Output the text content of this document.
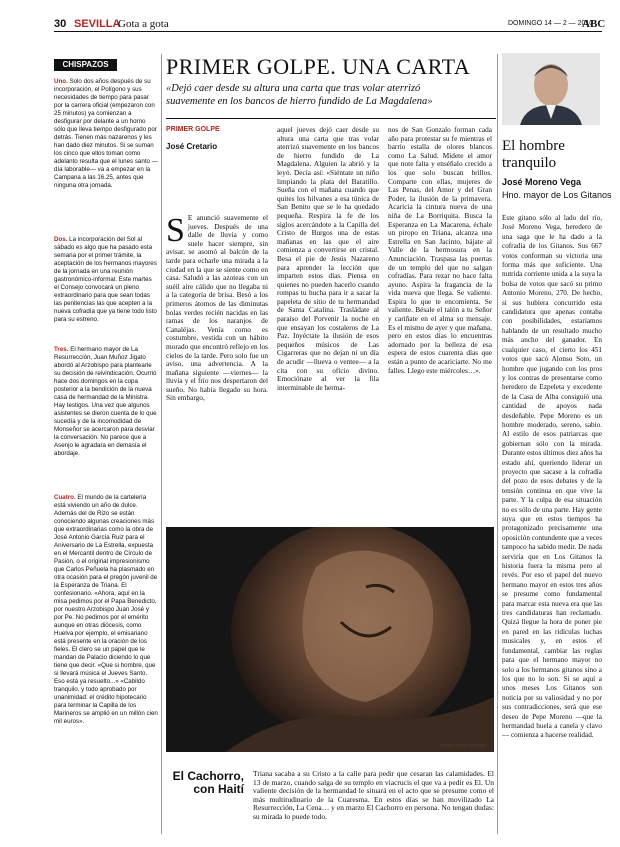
30 SEVILLA
Gota a gota	DOMINGO 14 — 2 — 2010
ABC
CHISPAZOS
Uno. Solo dos años después de su incorporación, el Polígono y sus necesidades de tiempo para pasar por la carrera oficial (empezaron con 25 minutos) ya comienzan a desfigurar por delante a un horno sólo que lleva tiempo desfigurado por detrás. Tienen más nazarenos y les han dado diez minutos. Si se suman los cinco que ellos toman como adelanto resulta que el lunes santo —día laborable— va a empezar en la Campana a las 16.25, antes que ninguna otra jornada.
Dos. La incorporación del Sol al sábado es algo que ha pasado esta semana por el primer trámite, la aceptación de los hermanos mayores de la jornada en una reunión gastronómico-informal. Este martes el Consejo convocará un pleno extraordinario para que sean todas las penitencias las que acepten a la nueva cofradía que ya tiene todo listo para su estreno.
Tres. El hermano mayor de La Resurrección, Juan Muñoz Jigato abordó al Arzobispo para plantearle su decisión de reivindicación. Ocurrió hace dos domingos en la copa posterior a la bendición de la nueva casa de hermandad de la Ministra. Hay testigos. Una vez que algunos asistentes se dieron cuenta de lo que sucedía y de la incomodidad de Monseñor se acercaron para desviar la conversación. No parece que a Asenjo le agradara en demasía el abordaje.
Cuatro. El mundo de la cartelería está viviendo un año de dulce. Además del de Rizo se están conociendo algunas creaciones más que extraordinarias como la obra de José Antonio García Ruiz para el Aniversario de La Estrella, expuesta en el Mercantil dentro de Círculo de Pasión, o el original impresionismo que Carlos Peñuela ha plasmado en otra ocasión para el pregón juvenil de la Esperanza de Triana. El confesionario. «Ahora, aquí en la misa pedimos por el Papa Benedicto, por nuestro Arzobispo Juan José y por Pe. No pedimos por el emérito aunque en otras diócesis, como Huelva por ejemplo, el emisariano está presente en la oración de los fieles. El clero se un papel que le mandan de Palacio diciendo lo que tiene que decir. «Que si hombre, que si llevará música el Jueves Santo. Eso está ya resuelto...» «Cabildo tranquilo, y todo aprobado por unanimidad: el crédito hipotecario para terminar la Capilla de los Marineros se amplió en un millón cien mil euros».
PRIMER GOLPE. UNA CARTA
«Dejó caer desde su altura una carta que tras volar aterrizó suavemente en los bancos de hierro fundido de La Magdalena»
PRIMER GOLPE
José Cretario
S E anunció suavemente el jueves. Después de una dalle de lluvia y como suele hacer siempre, sin avisar, se asomó al balcón de la tarde para echarle una mirada a la ciudad en la que se siente como en casa. Saludó a las azoteas con un suéil aire cálido que no llegaba ni a la categoría de brisa. Besó a los primeros átomos de las diminutas bolas verdes recién nacidas en las ramas de los naranjos de Canaléjas. Venía como es costumbre, vestida con un hábito morado que encontró reflejo en los cielos de la tarde. Pero solo fue un aviso, una advertencia. A la mañana siguiente —viernes— la lluvia y el frío nos despertaron del sueño. No había llegado su hora. Sin embargo,
aquel jueves dejó caer desde su altura una carta que tras volar aterrizó suavemente en los bancos de hierro fundido de La Magdalena. Alguien la abrió y la leyó. Decía así: «Siéntate un niño limpiando la plata del Baratillo. Sueña con el mañana cuando que quites los hilvanes a esa túnica de San Benito que se le ha quedado pequeña. Respira la fe de los siglos acercándote a la Capilla del Cristo de Burgos una de estas mañanas en las que el aire comienza a convertirse en cristal. Besa el pie de Jesús Nazareno para aprender la lección que imparten estos días. Piensa en quienes no pueden hacerlo cuando rompas tu hucha para ir a sacar la papeleta de sitio de tu hermandad de Santa Catalina. Trasládate al paraíso del Porvenir la noche en que ensayan los costaleros de La Paz. Inyéctate la ilusión de esos pequeños músicos de Las Cigarreras que no dejan ni un día de acudir —llueva o ventee— a la cita con su oficio divino. Emociónate al ver la fila interminable de herma-
nos de San Gonzalo forman cada año para protestar su fe mientras el barrio estalla de olores blancos como La Salud. Mídete el amor que note falta y enséñalo crecido a los que solo buscan brillos. Comparte con ellas, mujeres de Las Penas, del Amor y del Gran Poder, la ilusión de la primavera. Acaricia la cintura nueva de una niña de La Borriquita. Busca la Esperanza en La Macarena, échale un piropo en Triana, alcanza una Estrella en San Jacinto, bájate al Valle de la hermosura en la Anunciación. Traspasa las puertas de un templo del que no salgan cofradías. Para rezar no hace falta ayuno. Aspira la fragancia de la vida nueva que llega. Se valiente. Espira lo que te encomienta. Se valiente. Bésale el talón a tu Señor y cariñate en el alma su mensaje. Es el mismo de ayer y que mañana, pero en estos días lo encuentras adornado por la belleza de esa espera de estos cuarenta días que están a punto de acariciarte. No me falles. Llego este miércoles…».
JOSÉ ANTÓN GÓMEZ
El Cachorro, con Haití
Triana sacaba a su Cristo a la calle para pedir que cesaran las calamidades. El 13 de marzo, cuando salga de su templo en viacrucis el que va a pedir es El. Un valiente decisión de la hermandad le situará en el acto que se presume como el más multitudinario de la Cuaresma. En estos días se han movilizado La Resurrección, La Cena… y en marzo El Cachorro en persona. No tengan dudas: su mirada lo puede todo.
El hombre tranquilo
José Moreno Vega
Hno. mayor de Los Gitanos
Este gitano sólo al lado del río, José Moreno Vega, heredero de una saga que le ha dado a la cofradía de los Gitanos. Sus 667 votos conforman su victoria una forma más que suficiente. Una nutrida corriente unida a la suya la bolsa de votos que sacó su primo Antonio Moreno, 270. De hecho, si sus hubiera concurrido esta candidatura que apenas contaba con posibilidades, estaríamos hablando de un resultado mucho más ancho del ganador. En cualquier caso, el cierto los 451 votos que sacó Alonso Soto, un hombre que jugando con los pros y los contras de presentarse como heredero de Ezpeleta y excedente de la Casa de Alba consiguió una cantidad de apoyos nada desdeñable. Pepe Moreno es un hombre moderado, sereno, sabio. Al estilo de esos patriarcas que gobiernan sólo con la mirada. Durante estos últimos diez años ha estado ahí, queriendo liderar un proyecto que sacase a la cofradía del pozo de esos debates y de la tensión continua en que vive la parte. Y la culpa de esa situación no es sólo de una parte. Hay gente suya que en estos tiempos ha protagonizado precisamente una oposición contundente que a veces tampoco ha sabido medir. De nada serviría que en Los Gitanos la historia fuera la misma pero al revés. Por eso el papel del nuevo hermano mayor en estos tres años se presume como fundamental para marcar esta nueva era que las tres candidaturas han reclamado. Quizá llegue la hora de poner pie en pared en las ridículas luchas musicales y, en estos el fundamental, cambiar las reglas para que el hermano mayor no solo a los hermanos gitanos sino a los que no lo son. Si se aquí a unos meses Los Gitanos son noticia por su valiosidad y no por sus contradicciones, será que ese deseo de Pepe Moreno —que la hermandad huela a canela y clavo— comienza a hacerse realidad.
